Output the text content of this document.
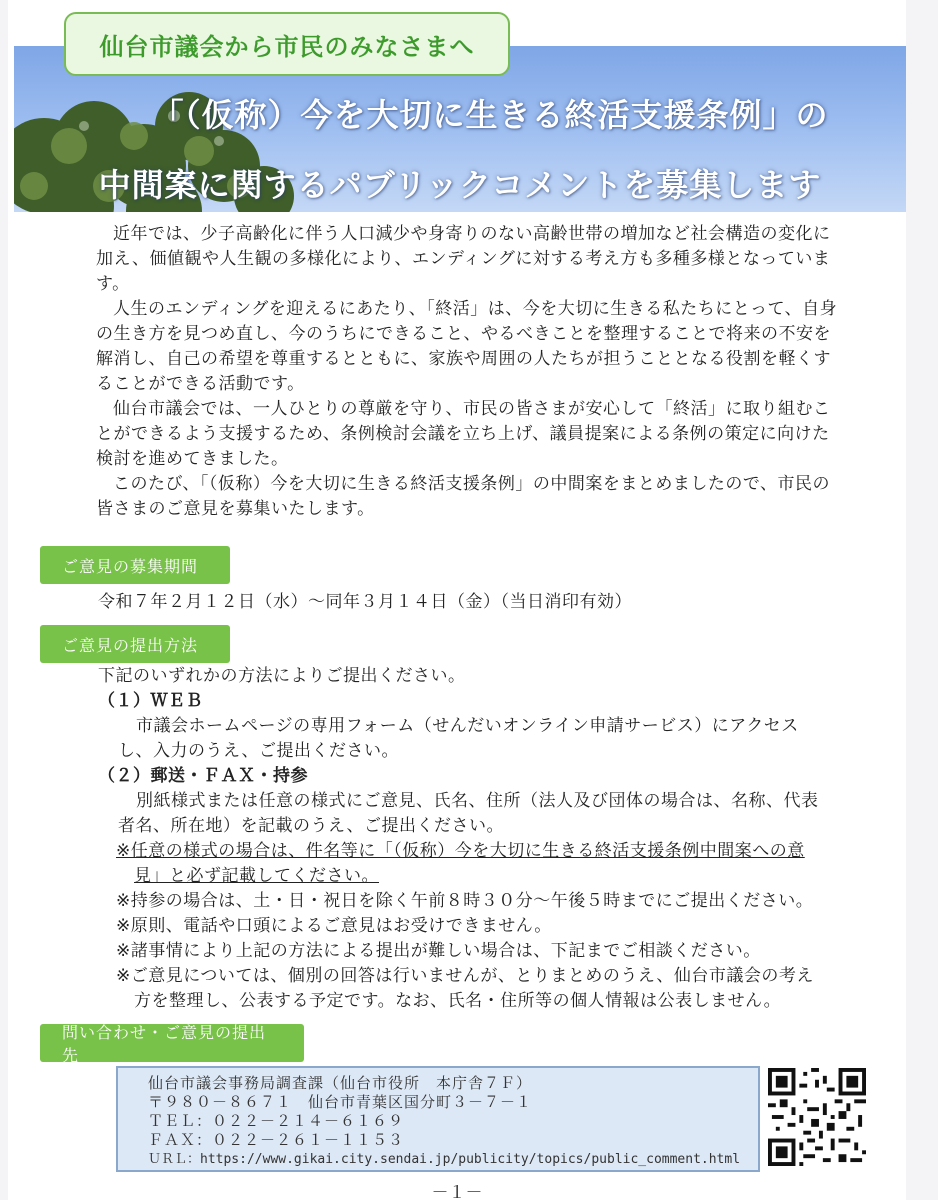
仙台市議会から市民のみなさまへ
「（仮称）今を大切に生きる終活支援条例」の
中間案に関するパブリックコメントを募集します

近年では、少子高齢化に伴う人口減少や身寄りのない高齢世帯の増加など社会構造の変化に加え、価値観や人生観の多様化により、エンディングに対する考え方も多種多様となっています。

人生のエンディングを迎えるにあたり、「終活」は、今を大切に生きる私たちにとって、自身の生き方を見つめ直し、今のうちにできること、やるべきことを整理することで将来の不安を解消し、自己の希望を尊重するとともに、家族や周囲の人たちが担うこととなる役割を軽くすることができる活動です。

仙台市議会では、一人ひとりの尊厳を守り、市民の皆さまが安心して「終活」に取り組むことができるよう支援するため、条例検討会議を立ち上げ、議員提案による条例の策定に向けた検討を進めてきました。

このたび、「（仮称）今を大切に生きる終活支援条例」の中間案をまとめましたので、市民の皆さまのご意見を募集いたします。

ご意見の募集期間
令和７年２月１２日（水）～同年３月１４日（金）（当日消印有効）
ご意見の提出方法
下記のいずれかの方法によりご提出ください。
（１）ＷＥＢ
市議会ホームページの専用フォーム（せんだいオンライン申請サービス）にアクセス
し、入力のうえ、ご提出ください。
（２）郵送・ＦＡＸ・持参
別紙様式または任意の様式にご意見、氏名、住所（法人及び団体の場合は、名称、代表
者名、所在地）を記載のうえ、ご提出ください。
※任意の様式の場合は、件名等に「（仮称）今を大切に生きる終活支援条例中間案への意
見」と必ず記載してください。
※持参の場合は、土・日・祝日を除く午前８時３０分～午後５時までにご提出ください。
※原則、電話や口頭によるご意見はお受けできません。
※諸事情により上記の方法による提出が難しい場合は、下記までご相談ください。
※ご意見については、個別の回答は行いませんが、とりまとめのうえ、仙台市議会の考え
方を整理し、公表する予定です。なお、氏名・住所等の個人情報は公表しません。
問い合わせ・ご意見の提出先
仙台市議会事務局調査課（仙台市役所　本庁舎７Ｆ）
〒９８０－８６７１　仙台市青葉区国分町３－７－１
ＴＥＬ：０２２－２１４－６１６９
ＦＡＸ：０２２－２６１－１１５３
ＵＲＬ：https://www.gikai.city.sendai.jp/publicity/topics/public_comment.html
－１－
